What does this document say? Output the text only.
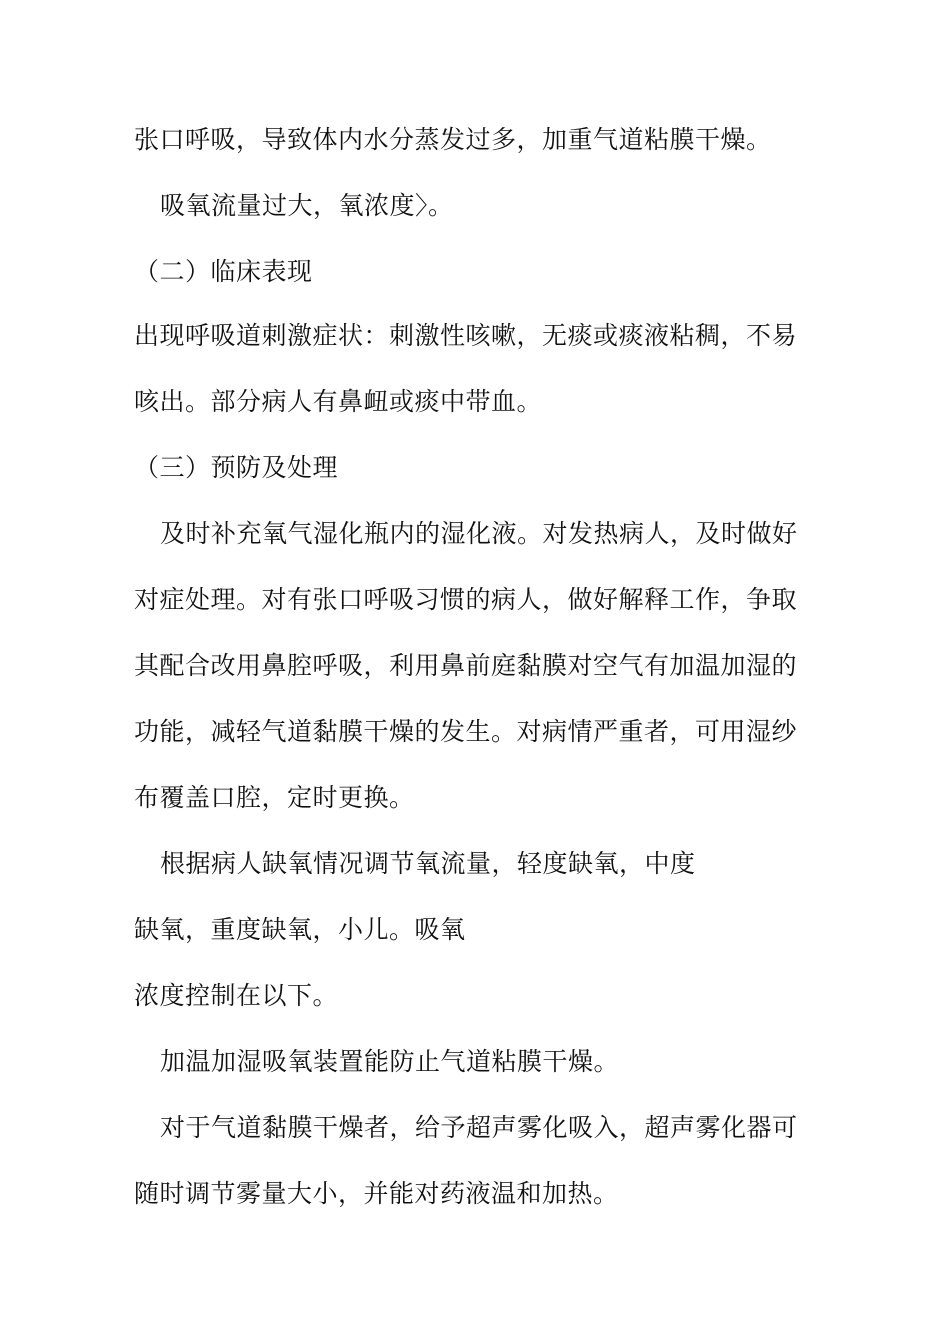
张口呼吸，导致体内水分蒸发过多，加重气道粘膜干燥。
吸氧流量过大，氧浓度〉。
（二）临床表现
出现呼吸道刺激症状：刺激性咳嗽，无痰或痰液粘稠，不易
咳出。部分病人有鼻衄或痰中带血。
（三）预防及处理
及时补充氧气湿化瓶内的湿化液。对发热病人，及时做好
对症处理。对有张口呼吸习惯的病人，做好解释工作，争取
其配合改用鼻腔呼吸，利用鼻前庭黏膜对空气有加温加湿的
功能，减轻气道黏膜干燥的发生。对病情严重者，可用湿纱
布覆盖口腔，定时更换。
根据病人缺氧情况调节氧流量，轻度缺氧，中度
缺氧，重度缺氧，小儿。吸氧
浓度控制在以下。
加温加湿吸氧装置能防止气道粘膜干燥。
对于气道黏膜干燥者，给予超声雾化吸入，超声雾化器可
随时调节雾量大小，并能对药液温和加热。
